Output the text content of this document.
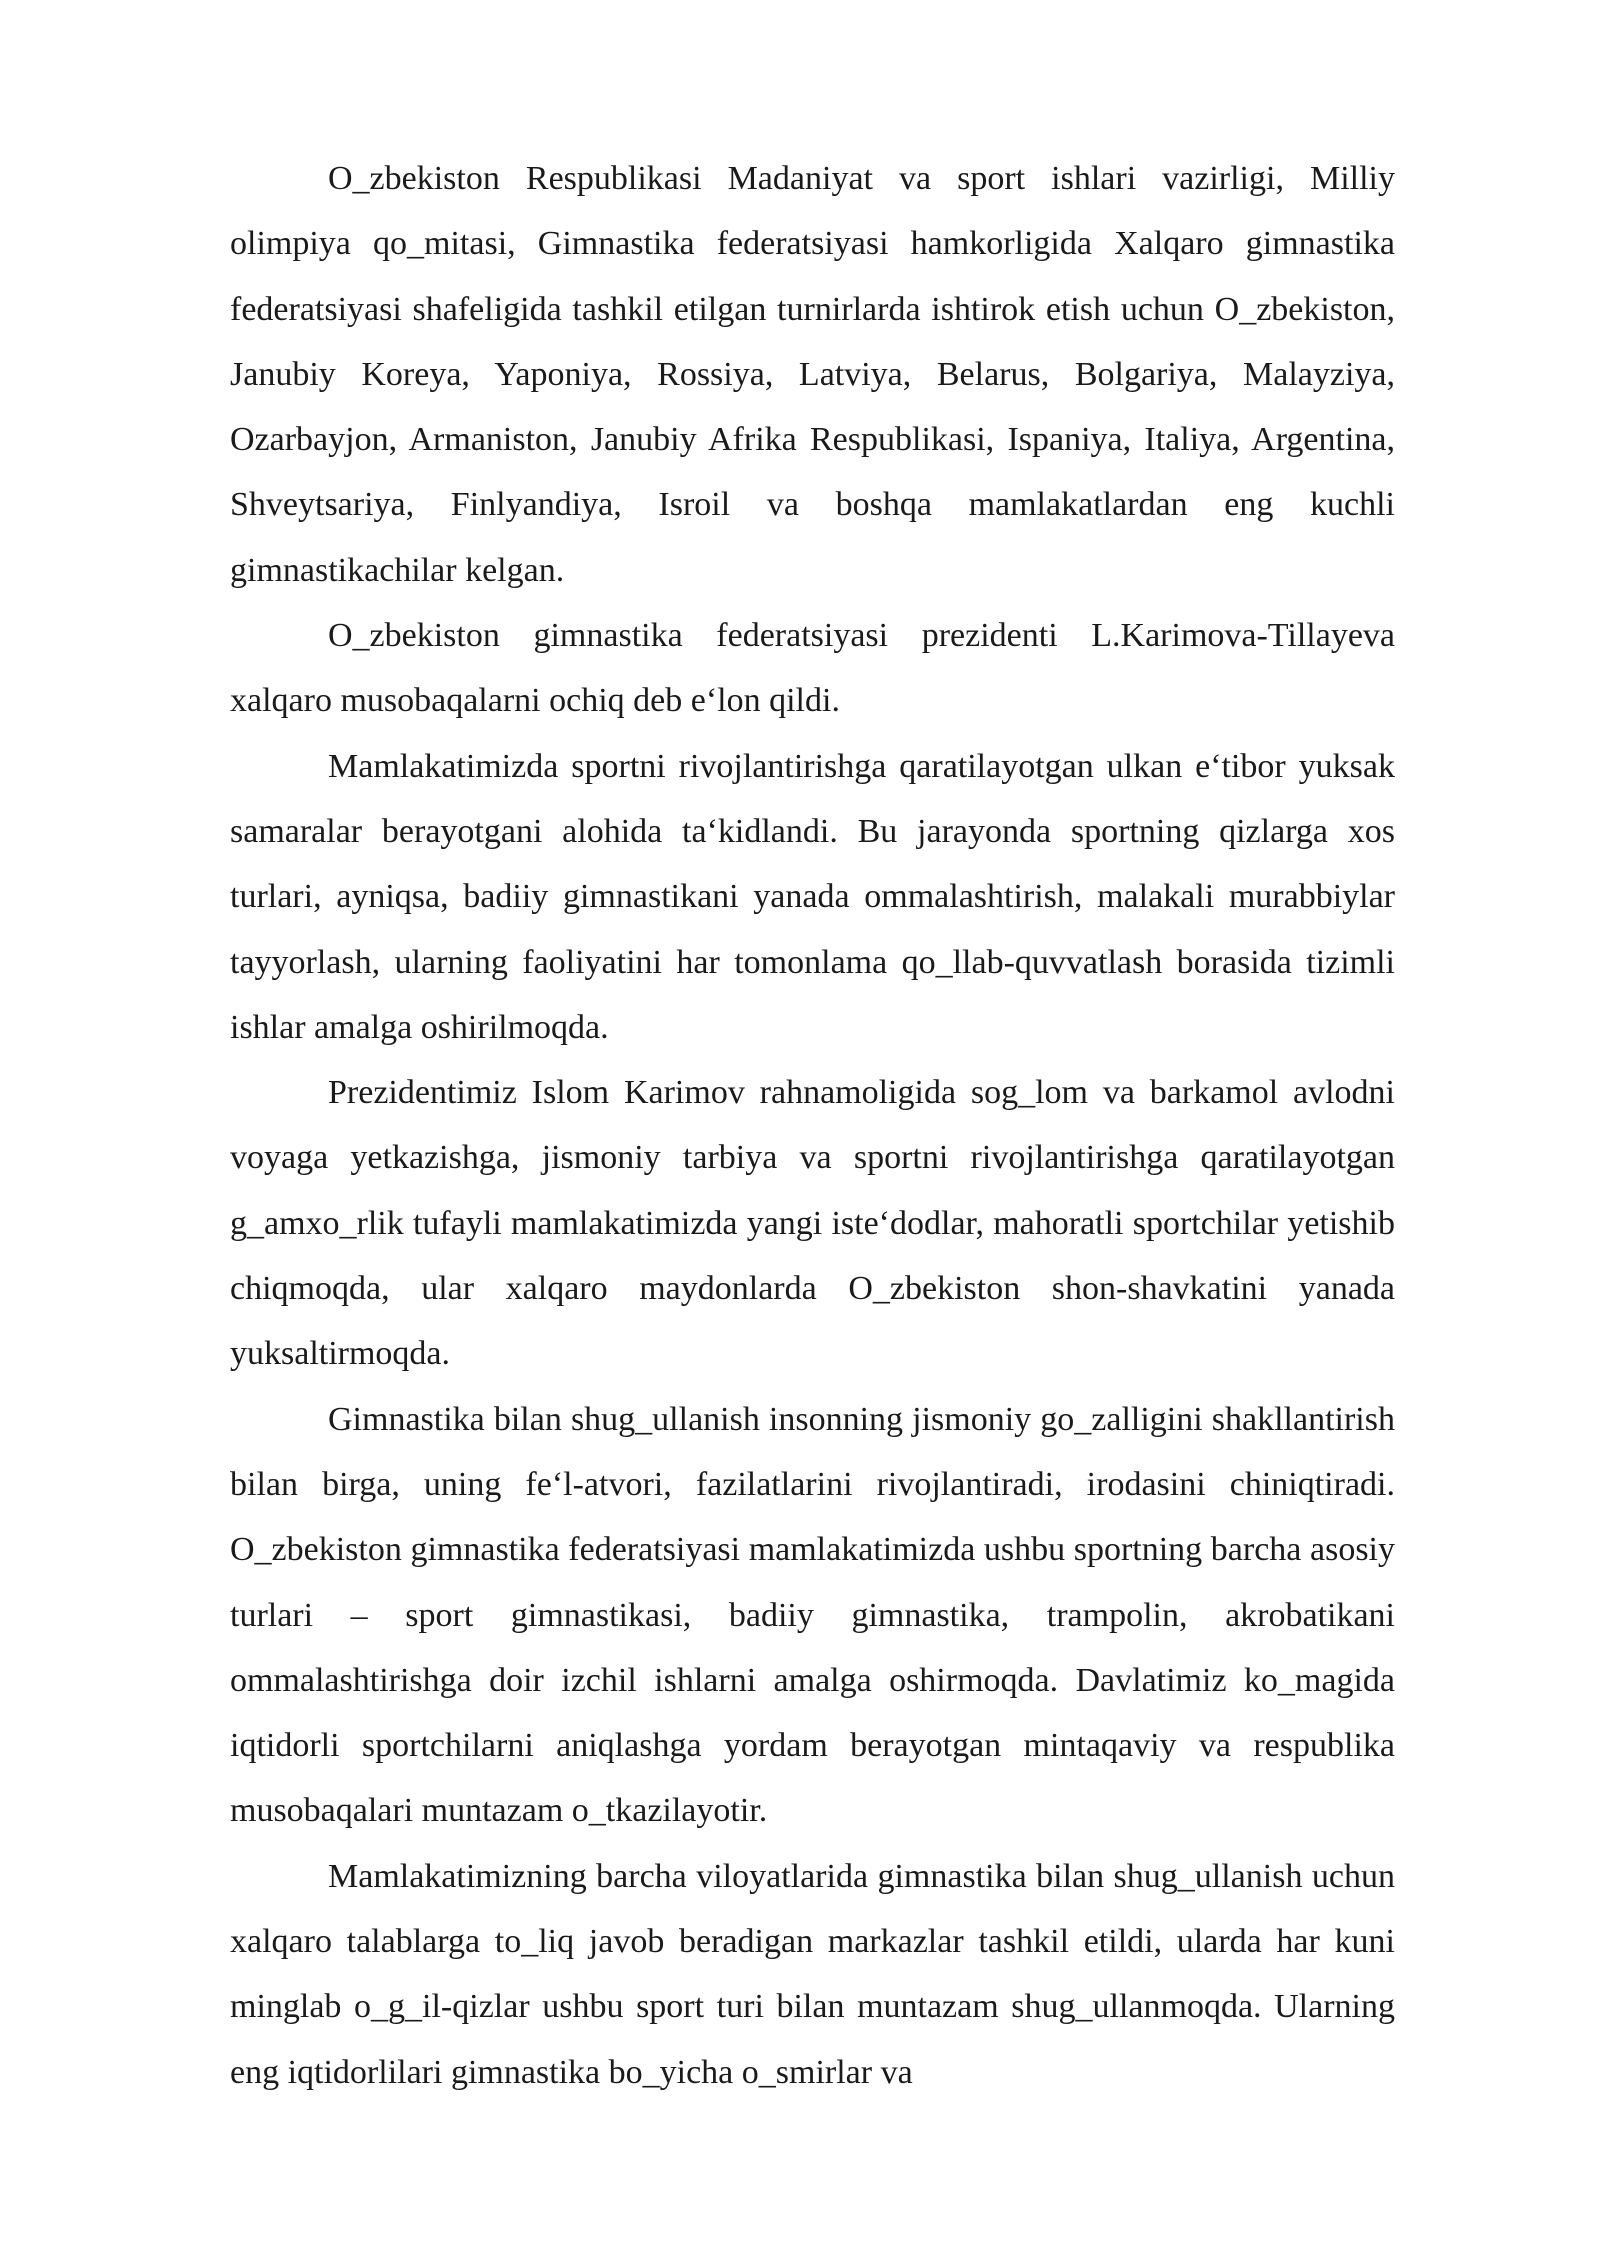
O_zbekiston Respublikasi Madaniyat va sport ishlari vazirligi, Milliy olimpiya qo_mitasi, Gimnastika federatsiyasi hamkorligida Xalqaro gimnastika federatsiyasi shafeligida tashkil etilgan turnirlarda ishtirok etish uchun O_zbekiston, Janubiy Koreya, Yaponiya, Rossiya, Latviya, Belarus, Bolgariya, Malayziya, Ozarbayjon, Armaniston, Janubiy Afrika Respublikasi, Ispaniya, Italiya, Argentina, Shveytsariya, Finlyandiya, Isroil va boshqa mamlakatlardan eng kuchli gimnastikachilar kelgan.

O_zbekiston gimnastika federatsiyasi prezidenti L.Karimova-Tillayeva xalqaro musobaqalarni ochiq deb e‘lon qildi.

Mamlakatimizda sportni rivojlantirishga qaratilayotgan ulkan e‘tibor yuksak samaralar berayotgani alohida ta‘kidlandi. Bu jarayonda sportning qizlarga xos turlari, ayniqsa, badiiy gimnastikani yanada ommalashtirish, malakali murabbiylar tayyorlash, ularning faoliyatini har tomonlama qo_llab-quvvatlash borasida tizimli ishlar amalga oshirilmoqda.

Prezidentimiz Islom Karimov rahnamoligida sog_lom va barkamol avlodni voyaga yetkazishga, jismoniy tarbiya va sportni rivojlantirishga qaratilayotgan g_amxo_rlik tufayli mamlakatimizda yangi iste‘dodlar, mahoratli sportchilar yetishib chiqmoqda, ular xalqaro maydonlarda O_zbekiston shon-shavkatini yanada yuksaltirmoqda.

Gimnastika bilan shug_ullanish insonning jismoniy go_zalligini shakllantirish bilan birga, uning fe‘l-atvori, fazilatlarini rivojlantiradi, irodasini chiniqtiradi. O_zbekiston gimnastika federatsiyasi mamlakatimizda ushbu sportning barcha asosiy turlari – sport gimnastikasi, badiiy gimnastika, trampolin, akrobatikani ommalashtirishga doir izchil ishlarni amalga oshirmoqda. Davlatimiz ko_magida iqtidorli sportchilarni aniqlashga yordam berayotgan mintaqaviy va respublika musobaqalari muntazam o_tkazilayotir.

Mamlakatimizning barcha viloyatlarida gimnastika bilan shug_ullanish uchun xalqaro talablarga to_liq javob beradigan markazlar tashkil etildi, ularda har kuni minglab o_g_il-qizlar ushbu sport turi bilan muntazam shug_ullanmoqda. Ularning eng iqtidorlilari gimnastika bo_yicha o_smirlar va
